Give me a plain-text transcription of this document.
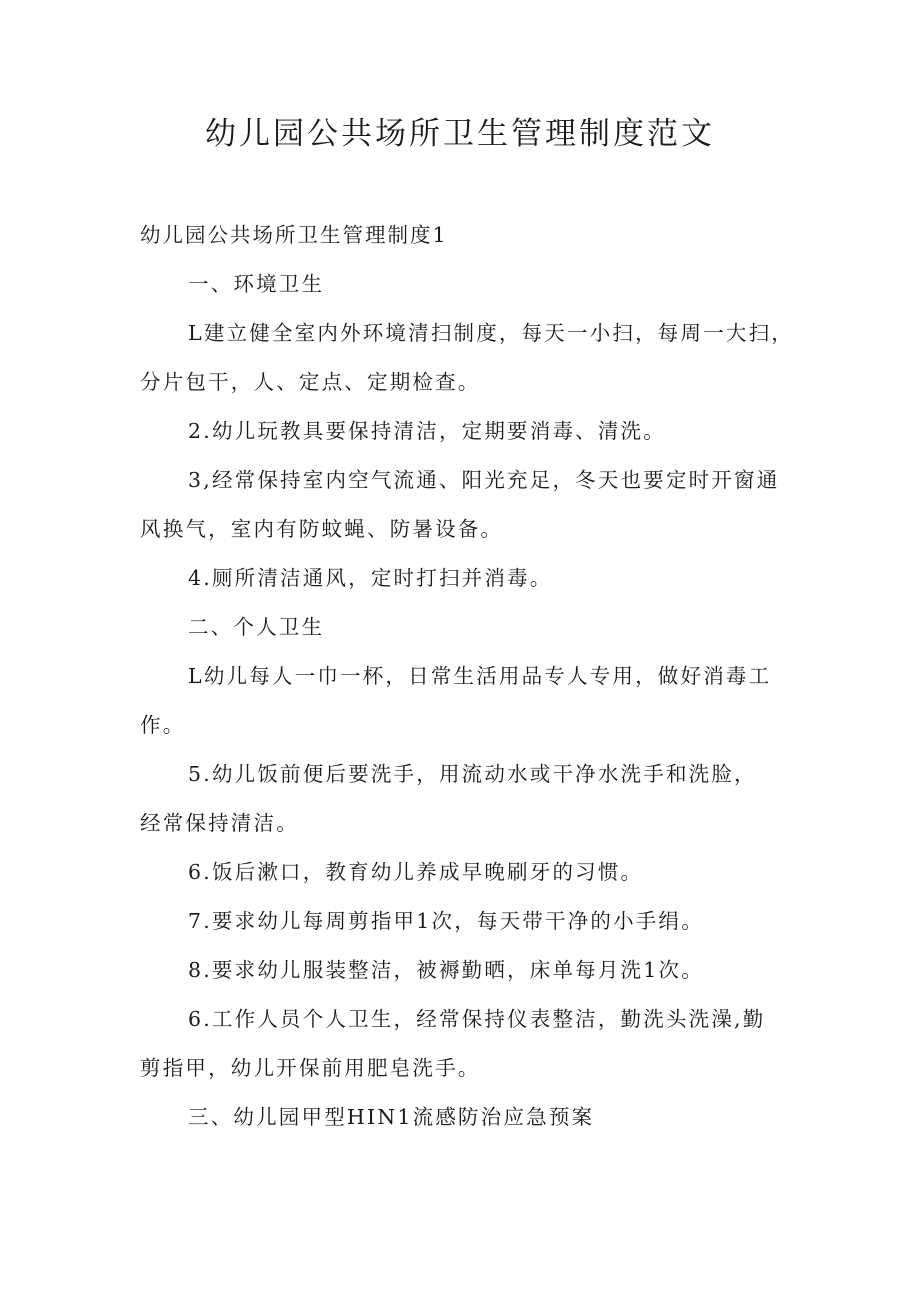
幼儿园公共场所卫生管理制度范文
幼儿园公共场所卫生管理制度1
一、环境卫生
L建立健全室内外环境清扫制度，每天一小扫，每周一大扫，
分片包干，人、定点、定期检查。
2.幼儿玩教具要保持清洁，定期要消毒、清洗。
3,经常保持室内空气流通、阳光充足，冬天也要定时开窗通
风换气，室内有防蚊蝇、防暑设备。
4.厕所清洁通风，定时打扫并消毒。
二、个人卫生
L幼儿每人一巾一杯，日常生活用品专人专用，做好消毒工
作。
5.幼儿饭前便后要洗手，用流动水或干净水洗手和洗脸，
经常保持清洁。
6.饭后漱口，教育幼儿养成早晚刷牙的习惯。
7.要求幼儿每周剪指甲1次，每天带干净的小手绢。
8.要求幼儿服装整洁，被褥勤晒，床单每月洗1次。
6.工作人员个人卫生，经常保持仪表整洁，勤洗头洗澡,勤
剪指甲，幼儿开保前用肥皂洗手。
三、幼儿园甲型HIN1流感防治应急预案
